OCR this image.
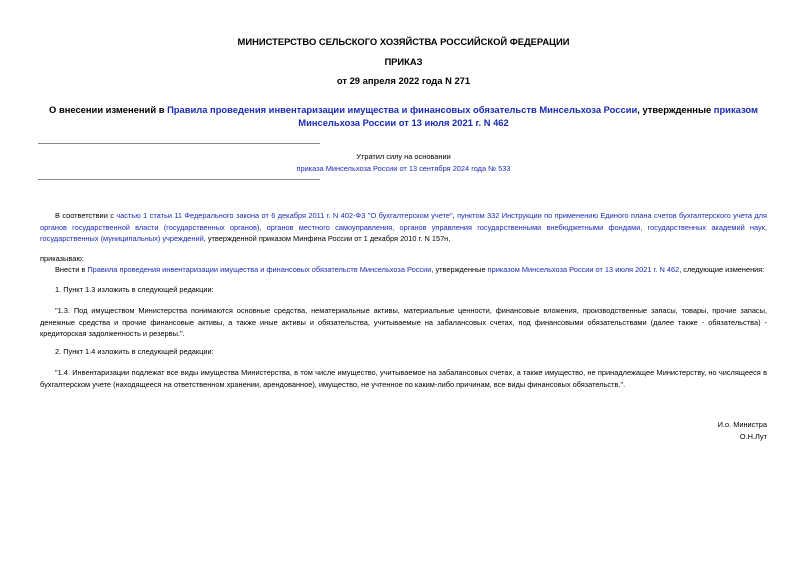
МИНИСТЕРСТВО СЕЛЬСКОГО ХОЗЯЙСТВА РОССИЙСКОЙ ФЕДЕРАЦИИ
ПРИКАЗ
от 29 апреля 2022 года N 271
О внесении изменений в Правила проведения инвентаризации имущества и финансовых обязательств Минсельхоза России, утвержденные приказом Минсельхоза России от 13 июля 2021 г. N 462
Утратил силу на основании
приказа Минсельхоза России от 13 сентября 2024 года № 533
В соответствии с частью 1 статьи 11 Федерального закона от 6 декабря 2011 г. N 402-ФЗ "О бухгалтерском учете", пунктом 332 Инструкции по применению Единого плана счетов бухгалтерского учета для органов государственной власти (государственных органов), органов местного самоуправления, органов управления государственными внебюджетными фондами, государственных академий наук, государственных (муниципальных) учреждений, утвержденной приказом Минфина России от 1 декабря 2010 г. N 157н,
приказываю:
Внести в Правила проведения инвентаризации имущества и финансовых обязательств Минсельхоза России, утвержденные приказом Минсельхоза России от 13 июля 2021 г. N 462, следующие изменения:
1. Пункт 1.3 изложить в следующей редакции:
"1.3. Под имуществом Министерства понимаются основные средства, нематериальные активы, материальные ценности, финансовые вложения, производственные запасы, товары, прочие запасы, денежные средства и прочие финансовые активы, а также иные активы и обязательства, учитываемые на забалансовых счетах, под финансовыми обязательствами (далее также - обязательства) - кредиторская задолженность и резервы.".
2. Пункт 1.4 изложить в следующей редакции:
"1.4. Инвентаризации подлежат все виды имущества Министерства, в том числе имущество, учитываемое на забалансовых счетах, а также имущество, не принадлежащее Министерству, но числящееся в бухгалтерском учете (находящееся на ответственном хранении, арендованное), имущество, не учтенное по каким-либо причинам, все виды финансовых обязательств.".
И.о. Министра
О.Н.Лут
